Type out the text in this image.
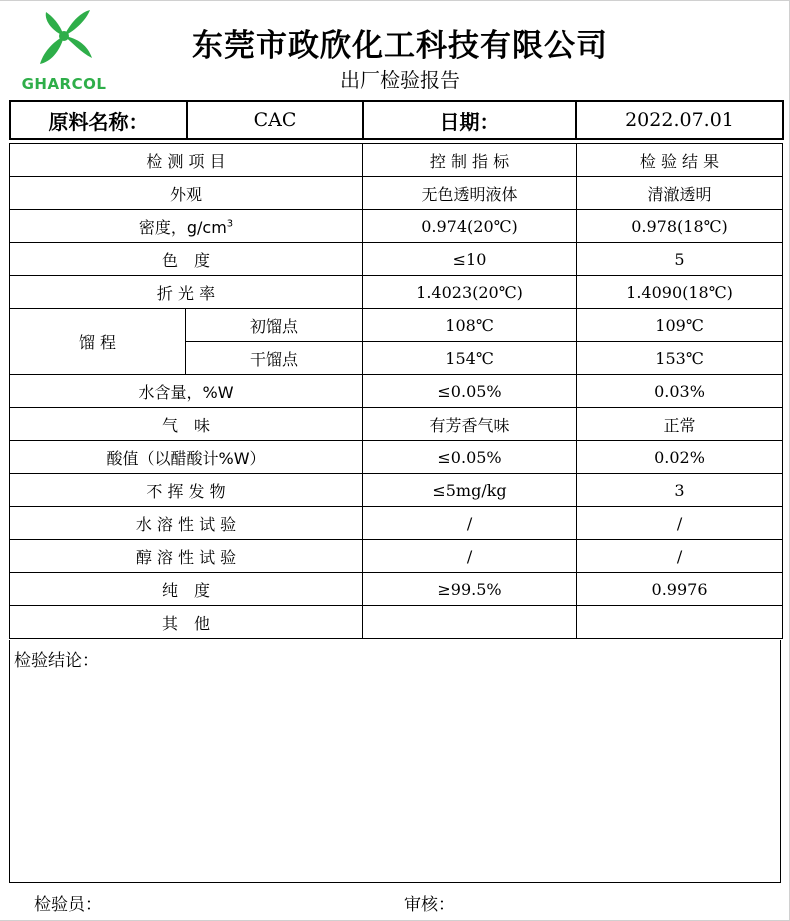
GHARCOL
东莞市政欣化工科技有限公司
出厂检验报告
原料名称：	CAC	日期：	2022.07.01
检 测 项 目		控 制 指 标	检 验 结 果
外观		无色透明液体	清澈透明
密度，$g/cm^3$		0.974(20℃)	0.978(18℃)
色　度		≤10	5
折 光 率		1.4023(20℃)	1.4090(18℃)
馏 程	初馏点	108℃	109℃
	干馏点	154℃	153℃
水含量，%W		≤0.05%	0.03%
气　味		有芳香气味	正常
酸值（以醋酸计%W）		≤0.05%	0.02%
不 挥 发 物		≤5mg/kg	3
水 溶 性 试 验		/	/
醇 溶 性 试 验		/	/
纯　度		≥99.5%	0.9976
其　他			
检验结论：
检验员：	审核：
